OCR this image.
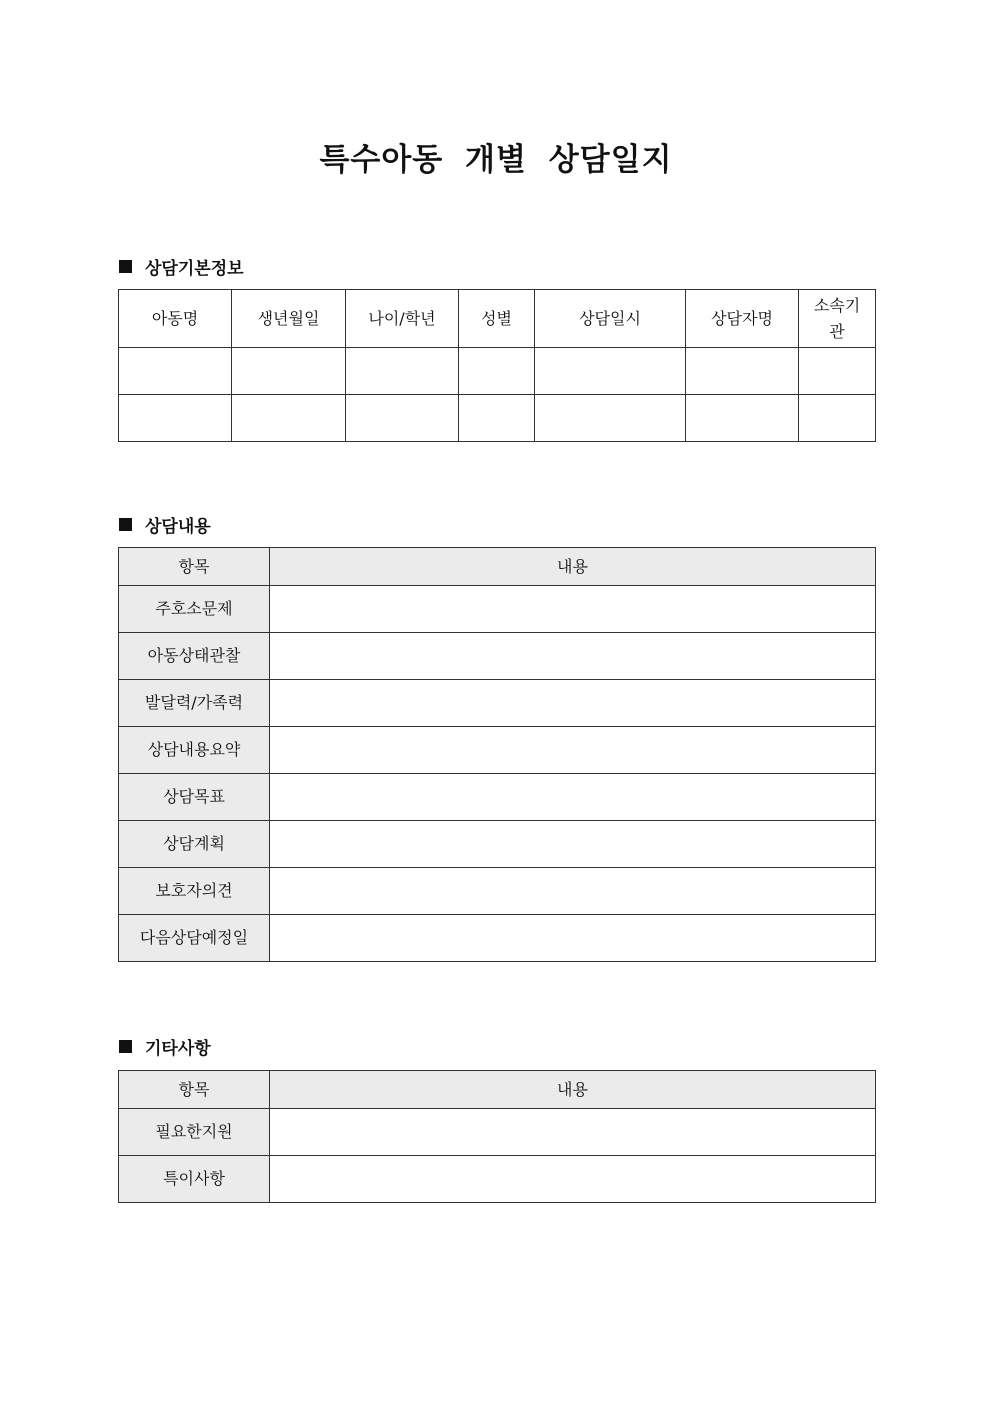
특수아동 개별 상담일지
상담기본정보
아동명	생년월일	나이/학년	성별	상담일시	상담자명	소속기관

상담내용
항목	내용
주호소문제	
아동상태관찰	
발달력/가족력	
상담내용요약	
상담목표	
상담계획	
보호자의견	
다음상담예정일	
기타사항
항목	내용
필요한지원	
특이사항	
